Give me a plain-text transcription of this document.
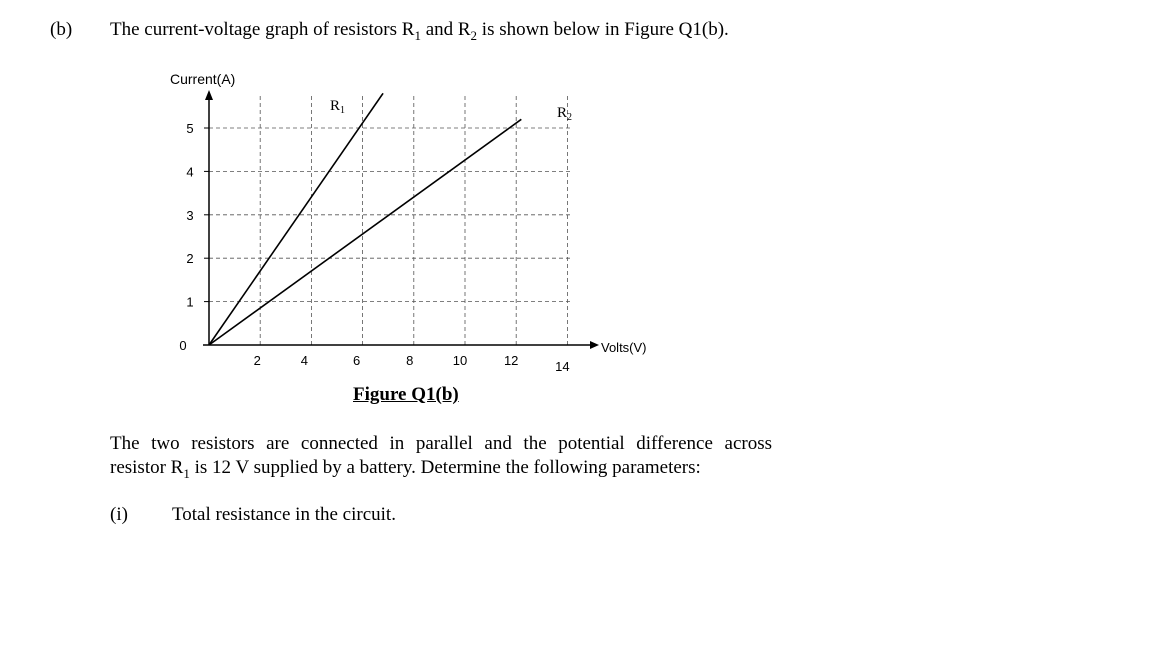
(b) The current-voltage graph of resistors $R_1$ and $R_2$ is shown below in Figure Q1(b).
Current(A)
Volts(V)
0
1
2
3
4
5
2	4	6	8	10	12	14
$R_1$	$R_2$
Figure Q1(b)
The two resistors are connected in parallel and the potential difference across
resistor $R_1$ is 12 V supplied by a battery. Determine the following parameters:
(i) Total resistance in the circuit.
